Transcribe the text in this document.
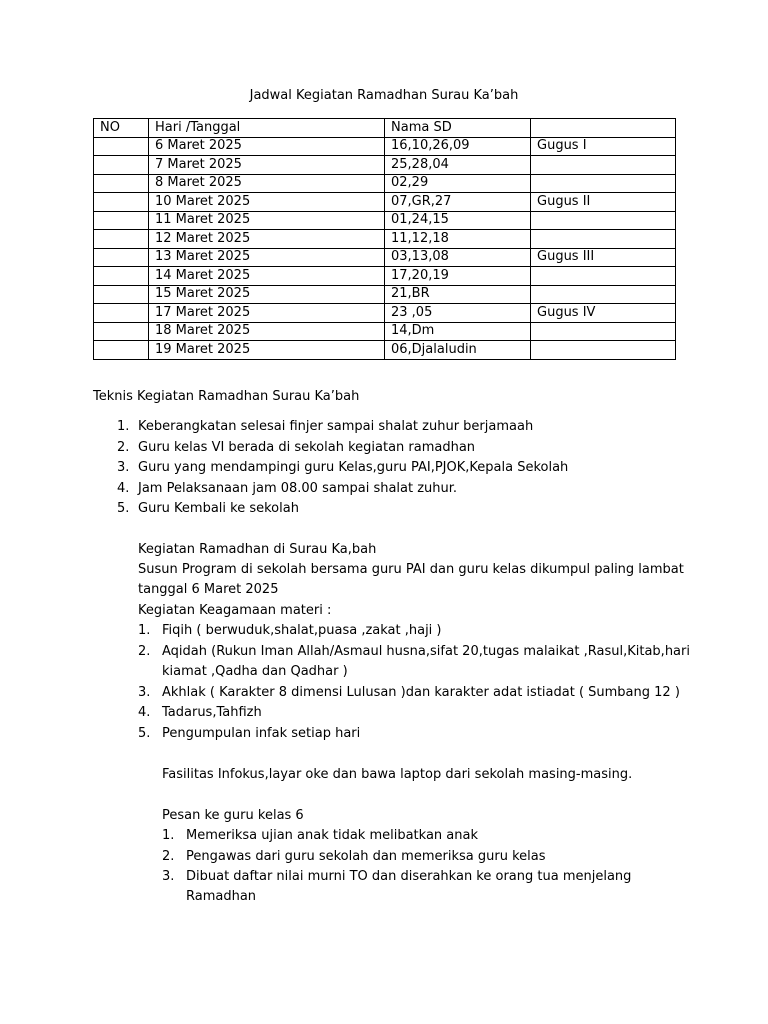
Jadwal Kegiatan Ramadhan Surau Ka’bah
NO	Hari /Tanggal	Nama SD	
	6 Maret 2025	16,10,26,09	Gugus I
	7 Maret 2025	25,28,04	
	8 Maret 2025	02,29	
	10 Maret 2025	07,GR,27	Gugus II
	11 Maret 2025	01,24,15	
	12 Maret 2025	11,12,18	
	13 Maret 2025	03,13,08	Gugus III
	14 Maret 2025	17,20,19	
	15 Maret 2025	21,BR	
	17 Maret 2025	23 ,05	Gugus IV
	18 Maret 2025	14,Dm	
	19 Maret 2025	06,Djalaludin	
Teknis Kegiatan Ramadhan Surau Ka’bah
1. Keberangkatan selesai finjer sampai shalat zuhur berjamaah
2. Guru kelas VI berada di sekolah kegiatan ramadhan
3. Guru yang mendampingi guru Kelas,guru PAI,PJOK,Kepala Sekolah
4. Jam Pelaksanaan jam 08.00 sampai shalat zuhur.
5. Guru Kembali ke sekolah
Kegiatan Ramadhan di Surau Ka,bah
Susun Program di sekolah bersama guru PAI dan guru kelas dikumpul paling lambat
tanggal 6 Maret 2025
Kegiatan Keagamaan materi :
1. Fiqih ( berwuduk,shalat,puasa ,zakat ,haji )
2. Aqidah (Rukun Iman Allah/Asmaul husna,sifat 20,tugas malaikat ,Rasul,Kitab,hari
kiamat ,Qadha dan Qadhar )
3. Akhlak ( Karakter 8 dimensi Lulusan )dan karakter adat istiadat ( Sumbang 12 )
4. Tadarus,Tahfizh
5. Pengumpulan infak setiap hari
Fasilitas Infokus,layar oke dan bawa laptop dari sekolah masing-masing.
Pesan ke guru kelas 6
1. Memeriksa ujian anak tidak melibatkan anak
2. Pengawas dari guru sekolah dan memeriksa guru kelas
3. Dibuat daftar nilai murni TO dan diserahkan ke orang tua menjelang
Ramadhan
